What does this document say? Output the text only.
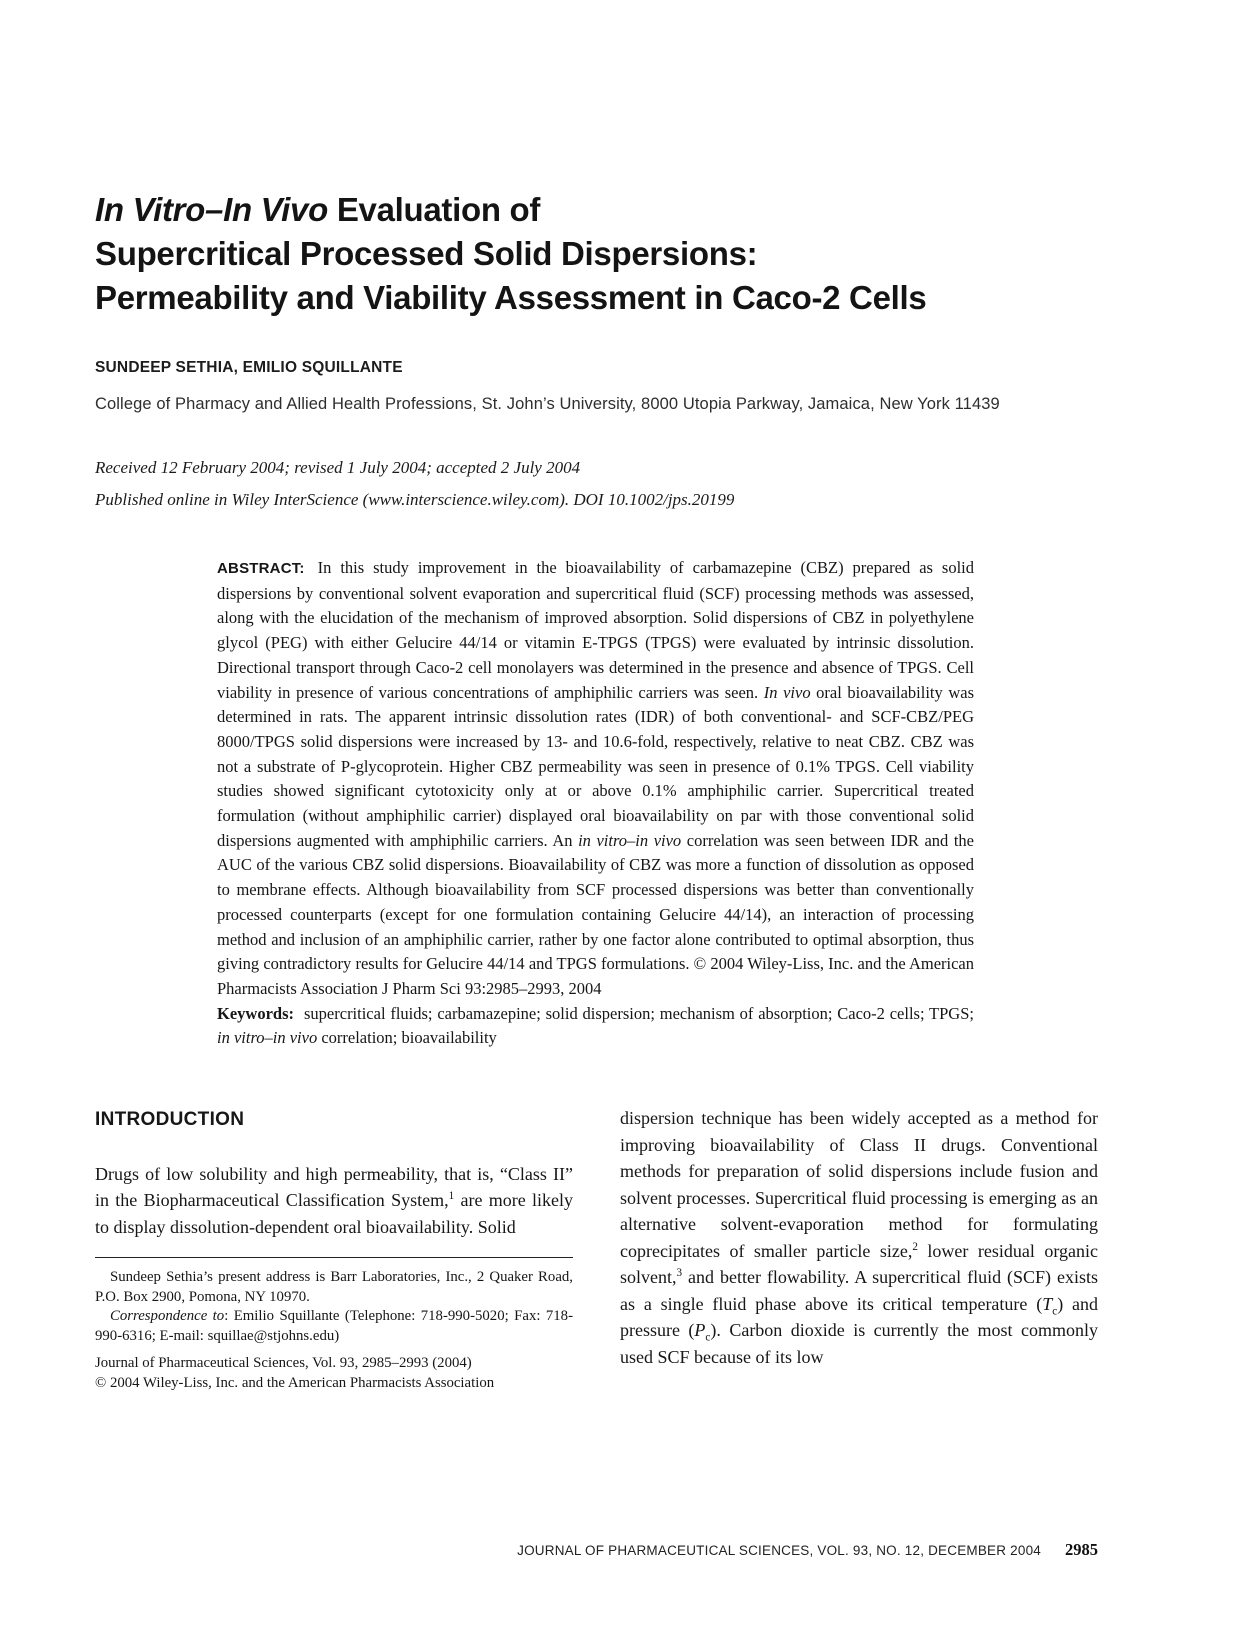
In Vitro–In Vivo Evaluation of
Supercritical Processed Solid Dispersions:
Permeability and Viability Assessment in Caco-2 Cells
SUNDEEP SETHIA, EMILIO SQUILLANTE
College of Pharmacy and Allied Health Professions, St. John’s University, 8000 Utopia Parkway, Jamaica, New York 11439
Received 12 February 2004; revised 1 July 2004; accepted 2 July 2004
Published online in Wiley InterScience (www.interscience.wiley.com). DOI 10.1002/jps.20199

ABSTRACT: In this study improvement in the bioavailability of carbamazepine (CBZ) prepared as solid dispersions by conventional solvent evaporation and supercritical fluid (SCF) processing methods was assessed, along with the elucidation of the mechanism of improved absorption. Solid dispersions of CBZ in polyethylene glycol (PEG) with either Gelucire 44/14 or vitamin E-TPGS (TPGS) were evaluated by intrinsic dissolution. Directional transport through Caco-2 cell monolayers was determined in the presence and absence of TPGS. Cell viability in presence of various concentrations of amphiphilic carriers was seen. In vivo oral bioavailability was determined in rats. The apparent intrinsic dissolution rates (IDR) of both conventional- and SCF-CBZ/PEG 8000/TPGS solid dispersions were increased by 13- and 10.6-fold, respectively, relative to neat CBZ. CBZ was not a substrate of P-glycoprotein. Higher CBZ permeability was seen in presence of 0.1% TPGS. Cell viability studies showed significant cytotoxicity only at or above 0.1% amphiphilic carrier. Supercritical treated formulation (without amphiphilic carrier) displayed oral bioavailability on par with those conventional solid dispersions augmented with amphiphilic carriers. An in vitro–in vivo correlation was seen between IDR and the AUC of the various CBZ solid dispersions. Bioavailability of CBZ was more a function of dissolution as opposed to membrane effects. Although bioavailability from SCF processed dispersions was better than conventionally processed counterparts (except for one formulation containing Gelucire 44/14), an interaction of processing method and inclusion of an amphiphilic carrier, rather by one factor alone contributed to optimal absorption, thus giving contradictory results for Gelucire 44/14 and TPGS formulations. © 2004 Wiley-Liss, Inc. and the American Pharmacists Association J Pharm Sci 93:2985–2993, 2004

Keywords: supercritical fluids; carbamazepine; solid dispersion; mechanism of absorption; Caco-2 cells; TPGS; in vitro–in vivo correlation; bioavailability

INTRODUCTION

Drugs of low solubility and high permeability, that is, “Class II” in the Biopharmaceutical Classification System,$^1$ are more likely to display dissolution-dependent oral bioavailability. Solid

Sundeep Sethia’s present address is Barr Laboratories, Inc., 2 Quaker Road, P.O. Box 2900, Pomona, NY 10970.

Correspondence to: Emilio Squillante (Telephone: 718-990-5020; Fax: 718-990-6316; E-mail: squillae@stjohns.edu)

Journal of Pharmaceutical Sciences, Vol. 93, 2985–2993 (2004)

© 2004 Wiley-Liss, Inc. and the American Pharmacists Association

dispersion technique has been widely accepted as a method for improving bioavailability of Class II drugs. Conventional methods for preparation of solid dispersions include fusion and solvent processes. Supercritical fluid processing is emerging as an alternative solvent-evaporation method for formulating coprecipitates of smaller particle size,$^2$ lower residual organic solvent,$^3$ and better flowability. A supercritical fluid (SCF) exists as a single fluid phase above its critical temperature $(T_c)$ and pressure $(P_c)$. Carbon dioxide is currently the most commonly used SCF because of its low

JOURNAL OF PHARMACEUTICAL SCIENCES, VOL. 93, NO. 12, DECEMBER 2004 2985
